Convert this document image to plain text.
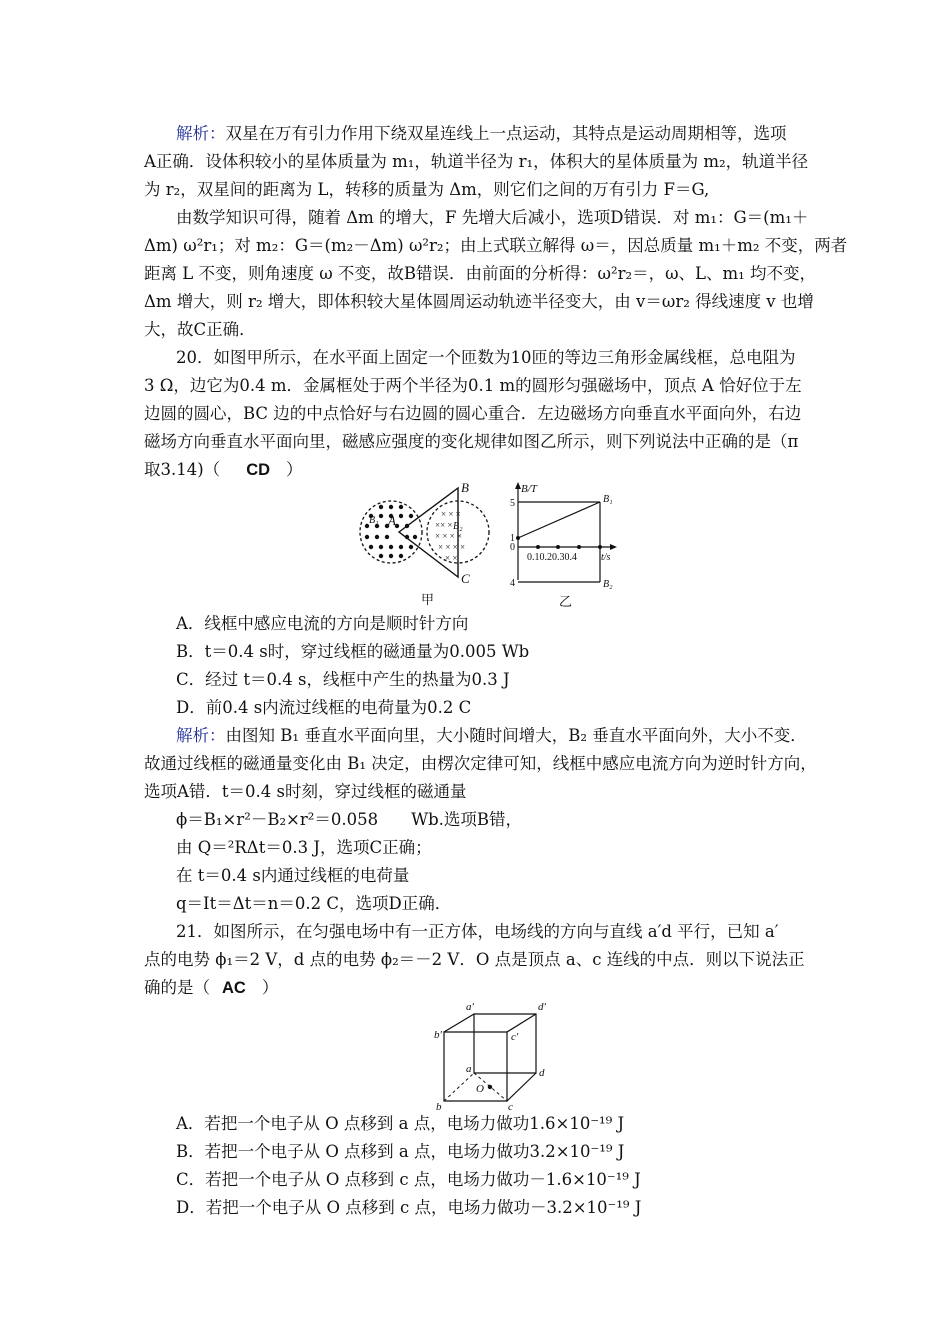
解析：双星在万有引力作用下绕双星连线上一点运动，其特点是运动周期相等，选项
A正确．设体积较小的星体质量为 m₁，轨道半径为 r₁，体积大的星体质量为 m₂，轨道半径
为 r₂，双星间的距离为 L，转移的质量为 Δm，则它们之间的万有引力 F＝G,
由数学知识可得，随着 Δm 的增大，F 先增大后减小，选项D错误．对 m₁：G＝(m₁＋
Δm) ω²r₁；对 m₂：G＝(m₂－Δm) ω²r₂；由上式联立解得 ω＝，因总质量 m₁＋m₂ 不变，两者
距离 L 不变，则角速度 ω 不变，故B错误．由前面的分析得：ω²r₂＝，ω、L、m₁ 均不变，
Δm 增大，则 r₂ 增大，即体积较大星体圆周运动轨迹半径变大，由 v＝ωr₂ 得线速度 v 也增
大，故C正确．
20．如图甲所示，在水平面上固定一个匝数为10匝的等边三角形金属线框，总电阻为
3 Ω，边它为0.4 m．金属框处于两个半径为0.1 m的圆形匀强磁场中，顶点 A 恰好位于左
边圆的圆心，BC 边的中点恰好与右边圆的圆心重合．左边磁场方向垂直水平面向外，右边
磁场方向垂直水平面向里，磁感应强度的变化规律如图乙所示，则下列说法中正确的是（π
取3.14)（ CD ）
× × ×
×× ×
× × × ×
× × × ×
× ×
A
B
C
B₁
B₂
甲
B/T
5
1
0
4
0.10.20.30.4 t/s
B₁
B₂
乙
A．线框中感应电流的方向是顺时针方向
B．t＝0.4 s时，穿过线框的磁通量为0.005 Wb
C．经过 t＝0.4 s，线框中产生的热量为0.3 J
D．前0.4 s内流过线框的电荷量为0.2 C
解析：由图知 B₁ 垂直水平面向里，大小随时间增大，B₂ 垂直水平面向外，大小不变．
故通过线框的磁通量变化由 B₁ 决定，由楞次定律可知，线框中感应电流方向为逆时针方向，
选项A错．t＝0.4 s时刻，穿过线框的磁通量
ϕ＝B₁×r²－B₂×r²＝0.058　　Wb.选项B错，
由 Q＝²RΔt＝0.3 J，选项C正确；
在 t＝0.4 s内通过线框的电荷量
q＝It＝Δt＝n＝0.2 C，选项D正确．
21．如图所示，在匀强电场中有一正方体，电场线的方向与直线 a′d 平行，已知 a′
点的电势 ϕ₁＝2 V，d 点的电势 ϕ₂＝－2 V．O 点是顶点 a、c 连线的中点．则以下说法正
确的是（ AC ）
a′	d′
b′	c′
a	d
b	c
O
A．若把一个电子从 O 点移到 a 点，电场力做功1.6×10⁻¹⁹ J
B．若把一个电子从 O 点移到 a 点，电场力做功3.2×10⁻¹⁹ J
C．若把一个电子从 O 点移到 c 点，电场力做功－1.6×10⁻¹⁹ J
D．若把一个电子从 O 点移到 c 点，电场力做功－3.2×10⁻¹⁹ J
